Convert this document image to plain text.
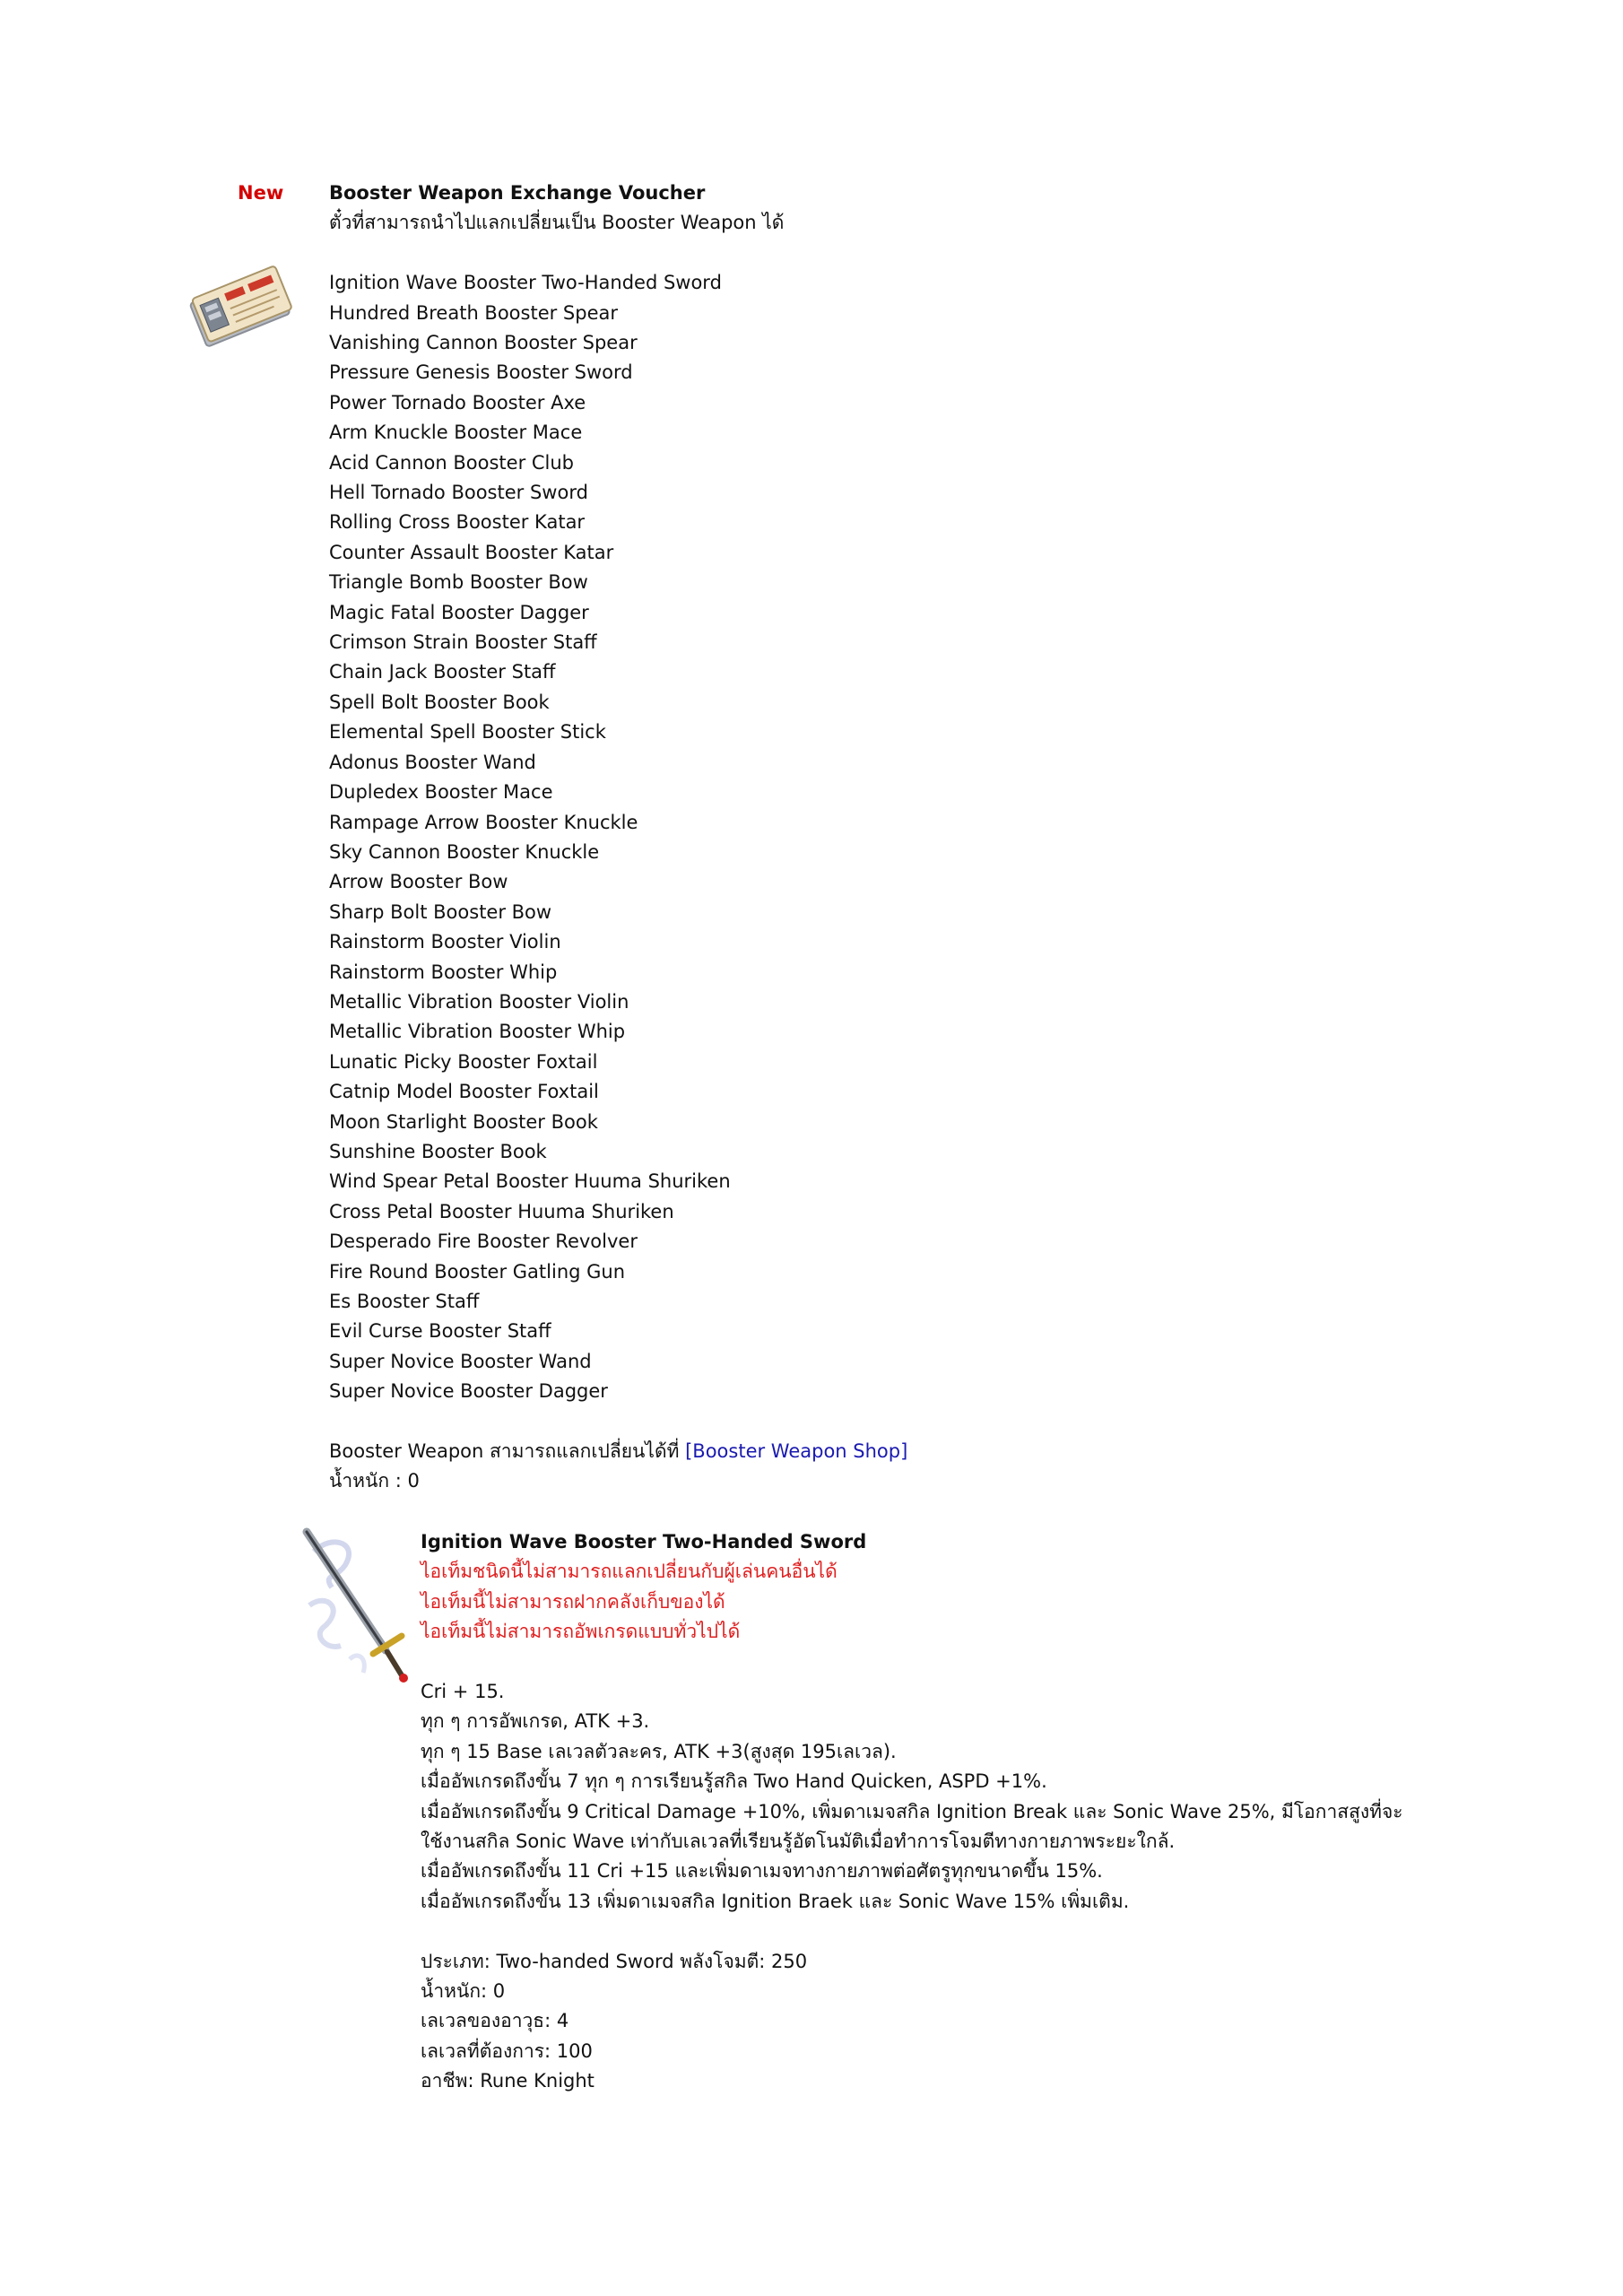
New Booster Weapon Exchange Voucher
ตั๋วที่สามารถนำไปแลกเปลี่ยนเป็น Booster Weapon ได้
Ignition Wave Booster Two-Handed Sword
Hundred Breath Booster Spear
Vanishing Cannon Booster Spear
Pressure Genesis Booster Sword
Power Tornado Booster Axe
Arm Knuckle Booster Mace
Acid Cannon Booster Club
Hell Tornado Booster Sword
Rolling Cross Booster Katar
Counter Assault Booster Katar
Triangle Bomb Booster Bow
Magic Fatal Booster Dagger
Crimson Strain Booster Staff
Chain Jack Booster Staff
Spell Bolt Booster Book
Elemental Spell Booster Stick
Adonus Booster Wand
Dupledex Booster Mace
Rampage Arrow Booster Knuckle
Sky Cannon Booster Knuckle
Arrow Booster Bow
Sharp Bolt Booster Bow
Rainstorm Booster Violin
Rainstorm Booster Whip
Metallic Vibration Booster Violin
Metallic Vibration Booster Whip
Lunatic Picky Booster Foxtail
Catnip Model Booster Foxtail
Moon Starlight Booster Book
Sunshine Booster Book
Wind Spear Petal Booster Huuma Shuriken
Cross Petal Booster Huuma Shuriken
Desperado Fire Booster Revolver
Fire Round Booster Gatling Gun
Es Booster Staff
Evil Curse Booster Staff
Super Novice Booster Wand
Super Novice Booster Dagger
Booster Weapon สามารถแลกเปลี่ยนได้ที่ [Booster Weapon Shop]
น้ำหนัก : 0
Ignition Wave Booster Two-Handed Sword
ไอเท็มชนิดนี้ไม่สามารถแลกเปลี่ยนกับผู้เล่นคนอื่นได้
ไอเท็มนี้ไม่สามารถฝากคลังเก็บของได้
ไอเท็มนี้ไม่สามารถอัพเกรดแบบทั่วไปได้
Cri + 15.
ทุก ๆ การอัพเกรด, ATK +3.
ทุก ๆ 15 Base เลเวลตัวละคร, ATK +3(สูงสุด 195เลเวล).
เมื่ออัพเกรดถึงขั้น 7 ทุก ๆ การเรียนรู้สกิล Two Hand Quicken, ASPD +1%.
เมื่ออัพเกรดถึงขั้น 9 Critical Damage +10%, เพิ่มดาเมจสกิล Ignition Break และ Sonic Wave 25%, มีโอกาสสูงที่จะใช้งานสกิล Sonic Wave เท่ากับเลเวลที่เรียนรู้อัตโนมัติเมื่อทำการโจมตีทางกายภาพระยะใกล้.
เมื่ออัพเกรดถึงขั้น 11 Cri +15 และเพิ่มดาเมจทางกายภาพต่อศัตรูทุกขนาดขึ้น 15%.
เมื่ออัพเกรดถึงขั้น 13 เพิ่มดาเมจสกิล Ignition Braek และ Sonic Wave 15% เพิ่มเติม.
ประเภท: Two-handed Sword พลังโจมตี: 250
น้ำหนัก: 0
เลเวลของอาวุธ: 4
เลเวลที่ต้องการ: 100
อาชีพ: Rune Knight
